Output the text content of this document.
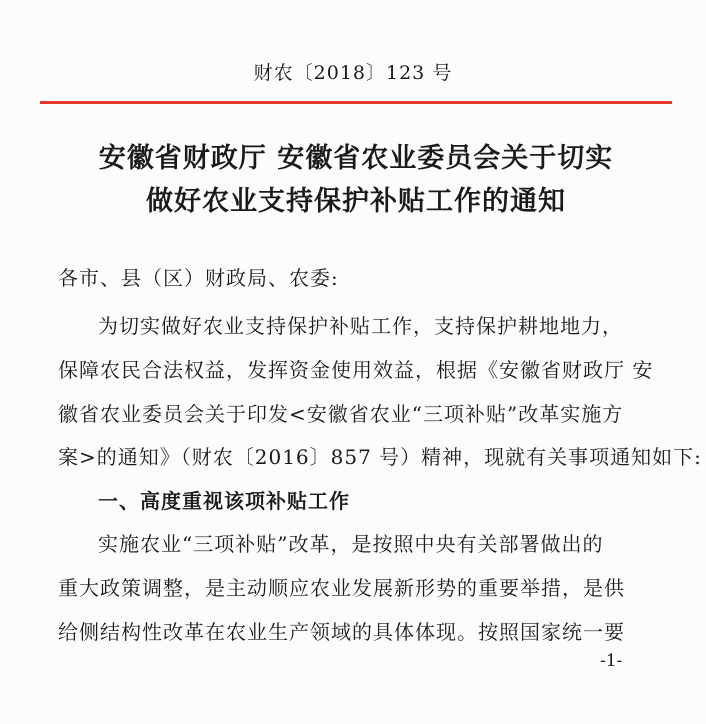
财农〔2018〕123 号
安徽省财政厅 安徽省农业委员会关于切实
做好农业支持保护补贴工作的通知
各市、县（区）财政局、农委:
为切实做好农业支持保护补贴工作，支持保护耕地地力，
保障农民合法权益，发挥资金使用效益，根据《安徽省财政厅 安
徽省农业委员会关于印发<安徽省农业“三项补贴”改革实施方
案>的通知》（财农〔2016〕857 号）精神，现就有关事项通知如下:
一、高度重视该项补贴工作
实施农业“三项补贴”改革，是按照中央有关部署做出的
重大政策调整，是主动顺应农业发展新形势的重要举措，是供
给侧结构性改革在农业生产领域的具体体现。按照国家统一要
-1-
